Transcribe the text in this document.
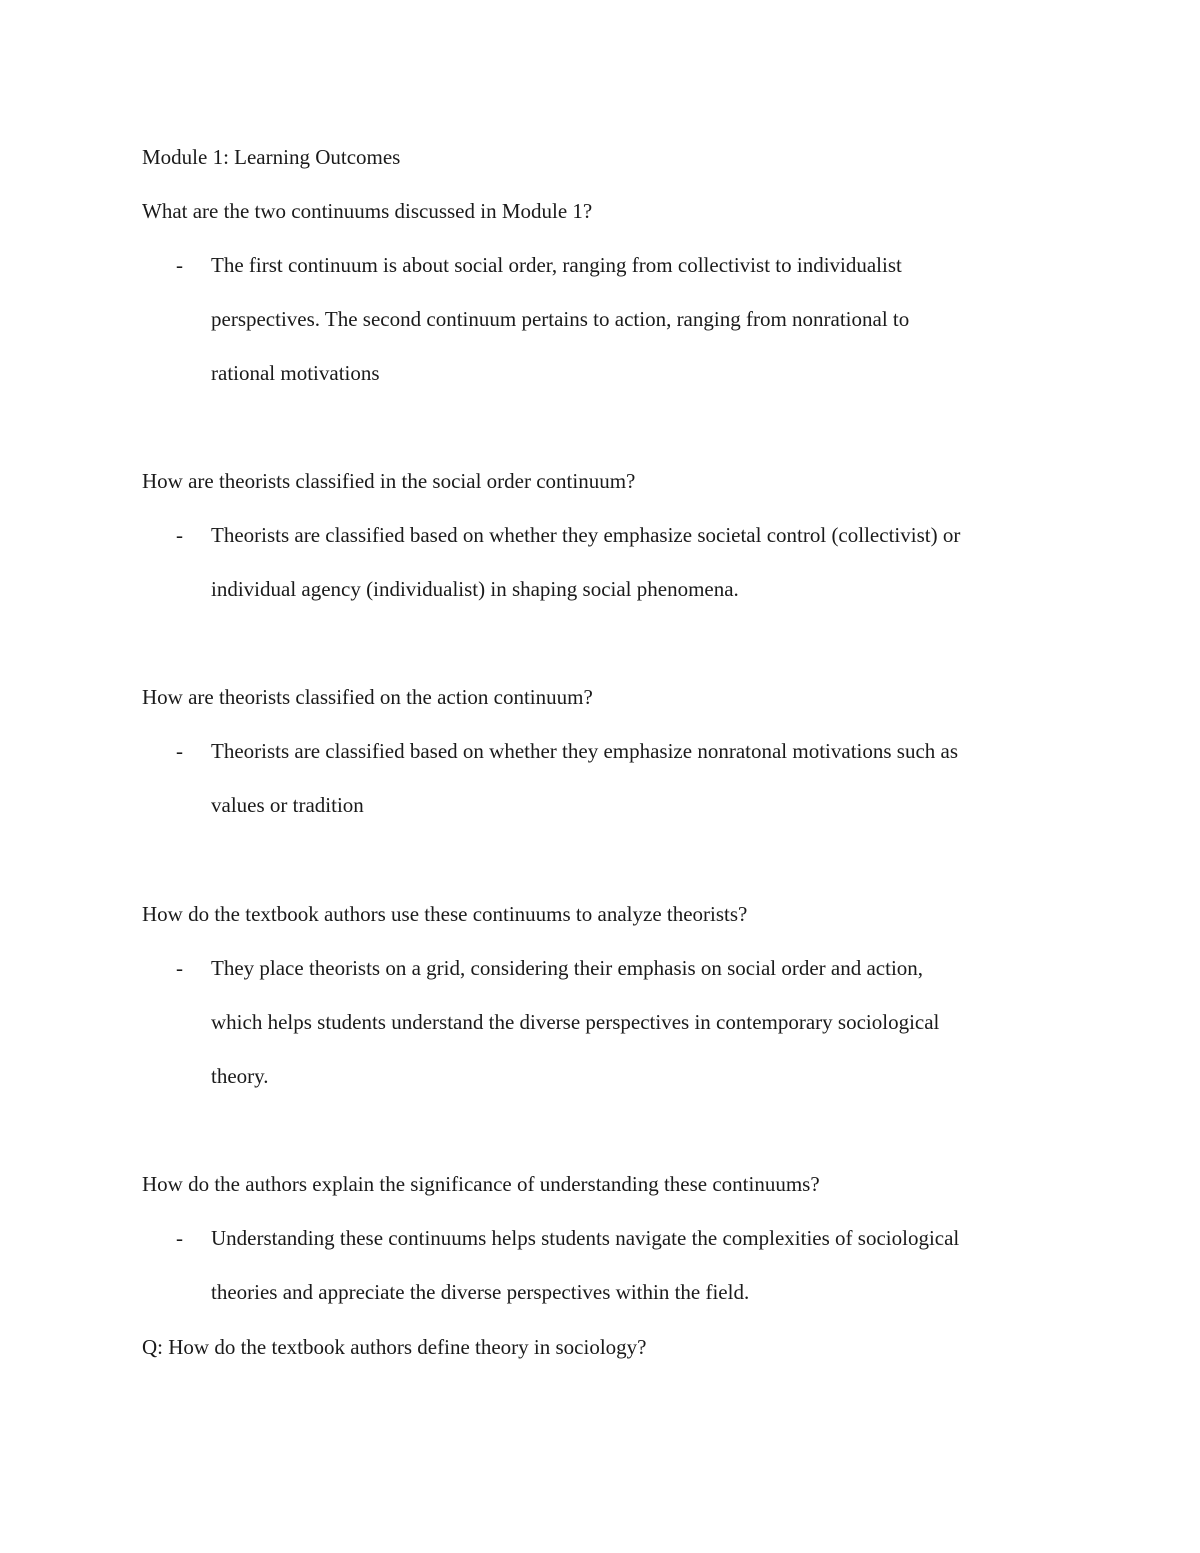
Module 1: Learning Outcomes
What are the two continuums discussed in Module 1?
- The first continuum is about social order, ranging from collectivist to individualist
perspectives. The second continuum pertains to action, ranging from nonrational to
rational motivations
How are theorists classified in the social order continuum?
- Theorists are classified based on whether they emphasize societal control (collectivist) or
individual agency (individualist) in shaping social phenomena.
How are theorists classified on the action continuum?
- Theorists are classified based on whether they emphasize nonratonal motivations such as
values or tradition
How do the textbook authors use these continuums to analyze theorists?
- They place theorists on a grid, considering their emphasis on social order and action,
which helps students understand the diverse perspectives in contemporary sociological
theory.
How do the authors explain the significance of understanding these continuums?
- Understanding these continuums helps students navigate the complexities of sociological
theories and appreciate the diverse perspectives within the field.
Q: How do the textbook authors define theory in sociology?
